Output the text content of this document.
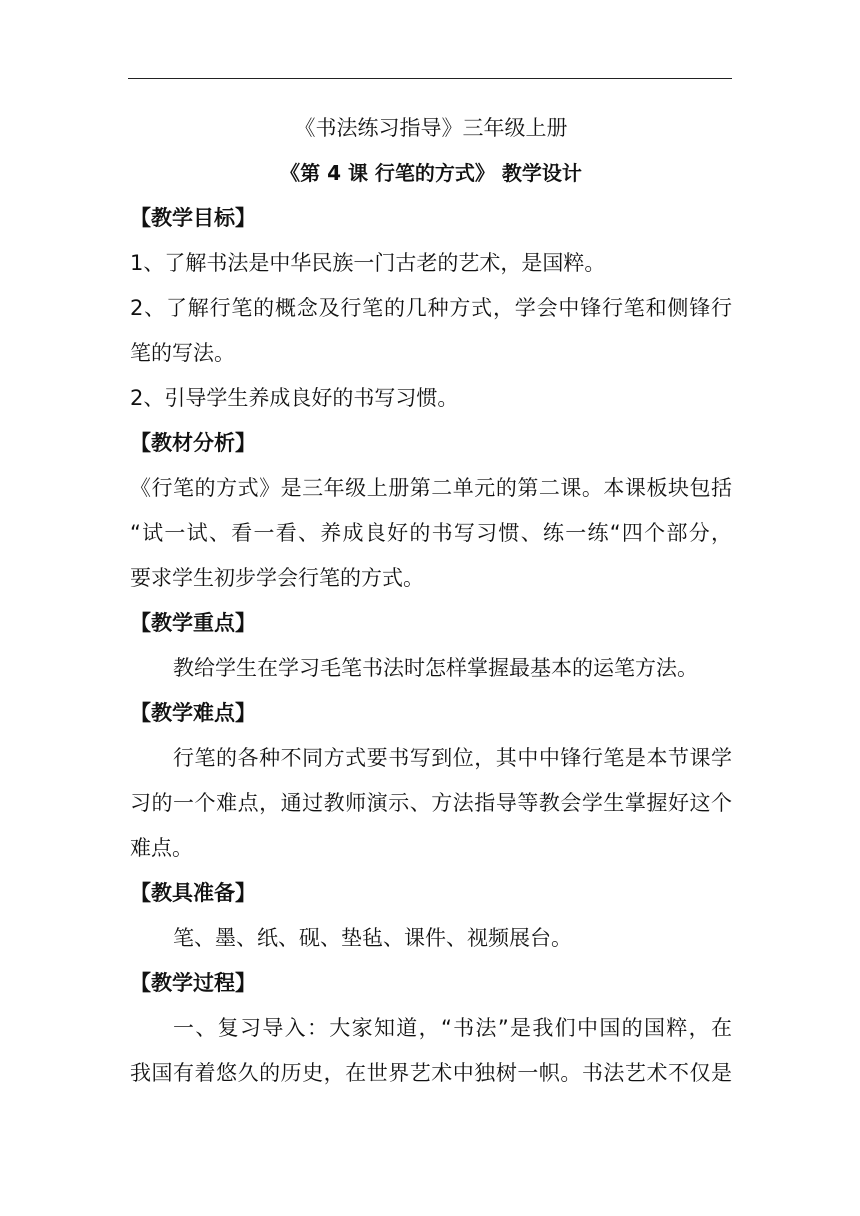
《书法练习指导》三年级上册
《第 4 课 行笔的方式》 教学设计
【教学目标】
1、了解书法是中华民族一门古老的艺术，是国粹。
2、了解行笔的概念及行笔的几种方式，学会中锋行笔和侧锋行
笔的写法。
2、引导学生养成良好的书写习惯。
【教材分析】
《行笔的方式》是三年级上册第二单元的第二课。本课板块包括
“试一试、看一看、养成良好的书写习惯、练一练“四个部分，
要求学生初步学会行笔的方式。
【教学重点】
教给学生在学习毛笔书法时怎样掌握最基本的运笔方法。
【教学难点】
行笔的各种不同方式要书写到位，其中中锋行笔是本节课学
习的一个难点，通过教师演示、方法指导等教会学生掌握好这个
难点。
【教具准备】
笔、墨、纸、砚、垫毡、课件、视频展台。
【教学过程】
一、复习导入：大家知道，“书法”是我们中国的国粹，在
我国有着悠久的历史，在世界艺术中独树一帜。书法艺术不仅是
